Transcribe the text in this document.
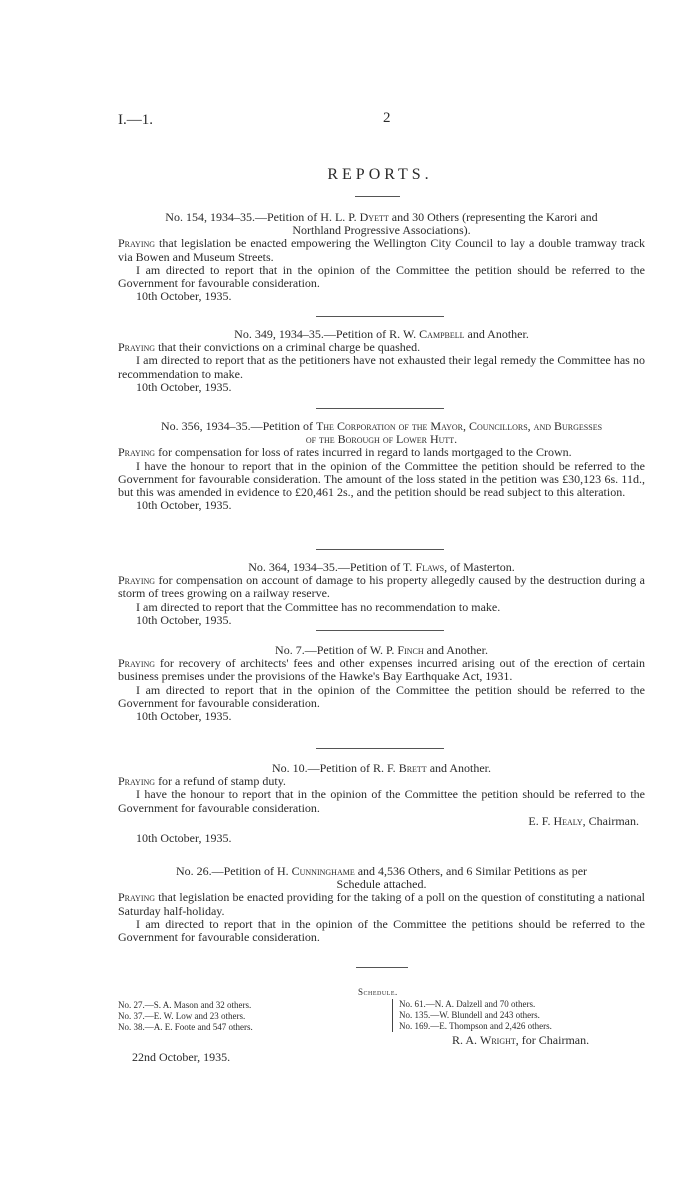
I.—1.	2
REPORTS.

No. 154, 1934–35.—Petition of H. L. P. Dyett and 30 Others (representing the Karori and

Northland Progressive Associations).

Praying that legislation be enacted empowering the Wellington City Council to lay a double tramway track via Bowen and Museum Streets.

I am directed to report that in the opinion of the Committee the petition should be referred to the Government for favourable consideration.

10th October, 1935.

No. 349, 1934–35.—Petition of R. W. Campbell and Another.

Praying that their convictions on a criminal charge be quashed.

I am directed to report that as the petitioners have not exhausted their legal remedy the Committee has no recommendation to make.

10th October, 1935.

No. 356, 1934–35.—Petition of The Corporation of the Mayor, Councillors, and Burgesses

of the Borough of Lower Hutt.

Praying for compensation for loss of rates incurred in regard to lands mortgaged to the Crown.

I have the honour to report that in the opinion of the Committee the petition should be referred to the Government for favourable consideration. The amount of the loss stated in the petition was £30,123 6s. 11d., but this was amended in evidence to £20,461 2s., and the petition should be read subject to this alteration.

10th October, 1935.

No. 364, 1934–35.—Petition of T. Flaws, of Masterton.

Praying for compensation on account of damage to his property allegedly caused by the destruction during a storm of trees growing on a railway reserve.

I am directed to report that the Committee has no recommendation to make.

10th October, 1935.

No. 7.—Petition of W. P. Finch and Another.

Praying for recovery of architects' fees and other expenses incurred arising out of the erection of certain business premises under the provisions of the Hawke's Bay Earthquake Act, 1931.

I am directed to report that in the opinion of the Committee the petition should be referred to the Government for favourable consideration.

10th October, 1935.

No. 10.—Petition of R. F. Brett and Another.

Praying for a refund of stamp duty.

I have the honour to report that in the opinion of the Committee the petition should be referred to the Government for favourable consideration.

E. F. Healy, Chairman.

10th October, 1935.

No. 26.—Petition of H. Cunninghame and 4,536 Others, and 6 Similar Petitions as per

Schedule attached.

Praying that legislation be enacted providing for the taking of a poll on the question of constituting a national Saturday half-holiday.

I am directed to report that in the opinion of the Committee the petitions should be referred to the Government for favourable consideration.

Schedule.
No. 27.—S. A. Mason and 32 others.
No. 37.—E. W. Low and 23 others.
No. 38.—A. E. Foote and 547 others.
No. 61.—N. A. Dalzell and 70 others.
No. 135.—W. Blundell and 243 others.
No. 169.—E. Thompson and 2,426 others.
R. A. Wright, for Chairman.
22nd October, 1935.
